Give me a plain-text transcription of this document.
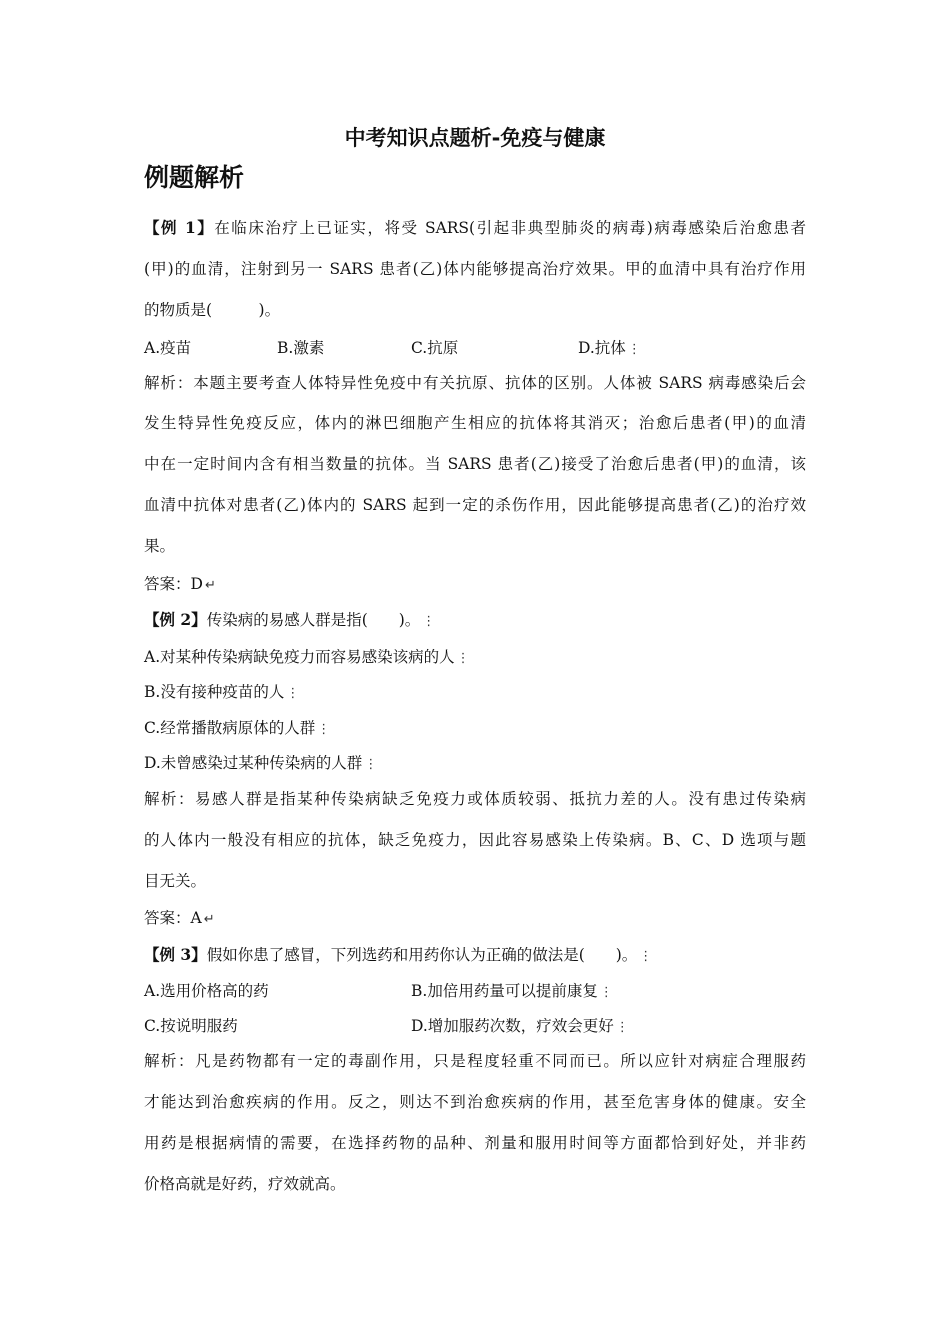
中考知识点题析-免疫与健康
例题解析
【例 1】在临床治疗上已证实，将受 SARS(引起非典型肺炎的病毒)病毒感染后治愈患者
(甲)的血清，注射到另一 SARS 患者(乙)体内能够提高治疗效果。甲的血清中具有治疗作用
的物质是(　　　)。
A.疫苗	B.激素	C.抗原	D.抗体 ⋮
解析：本题主要考查人体特异性免疫中有关抗原、抗体的区别。人体被 SARS 病毒感染后会
发生特异性免疫反应，体内的淋巴细胞产生相应的抗体将其消灭；治愈后患者(甲)的血清
中在一定时间内含有相当数量的抗体。当 SARS 患者(乙)接受了治愈后患者(甲)的血清，该
血清中抗体对患者(乙)体内的 SARS 起到一定的杀伤作用，因此能够提高患者(乙)的治疗效
果。
答案：D ↵
【例 2】传染病的易感人群是指(　　)。 ⋮
A.对某种传染病缺免疫力而容易感染该病的人 ⋮
B.没有接种疫苗的人 ⋮
C.经常播散病原体的人群 ⋮
D.未曾感染过某种传染病的人群 ⋮
解析：易感人群是指某种传染病缺乏免疫力或体质较弱、抵抗力差的人。没有患过传染病
的人体内一般没有相应的抗体，缺乏免疫力，因此容易感染上传染病。B、C、D 选项与题
目无关。
答案：A ↵
【例 3】假如你患了感冒，下列选药和用药你认为正确的做法是(　　)。 ⋮
A.选用价格高的药	B.加倍用药量可以提前康复 ⋮
C.按说明服药	D.增加服药次数，疗效会更好 ⋮
解析：凡是药物都有一定的毒副作用，只是程度轻重不同而已。所以应针对病症合理服药
才能达到治愈疾病的作用。反之，则达不到治愈疾病的作用，甚至危害身体的健康。安全
用药是根据病情的需要，在选择药物的品种、剂量和服用时间等方面都恰到好处，并非药
价格高就是好药，疗效就高。
